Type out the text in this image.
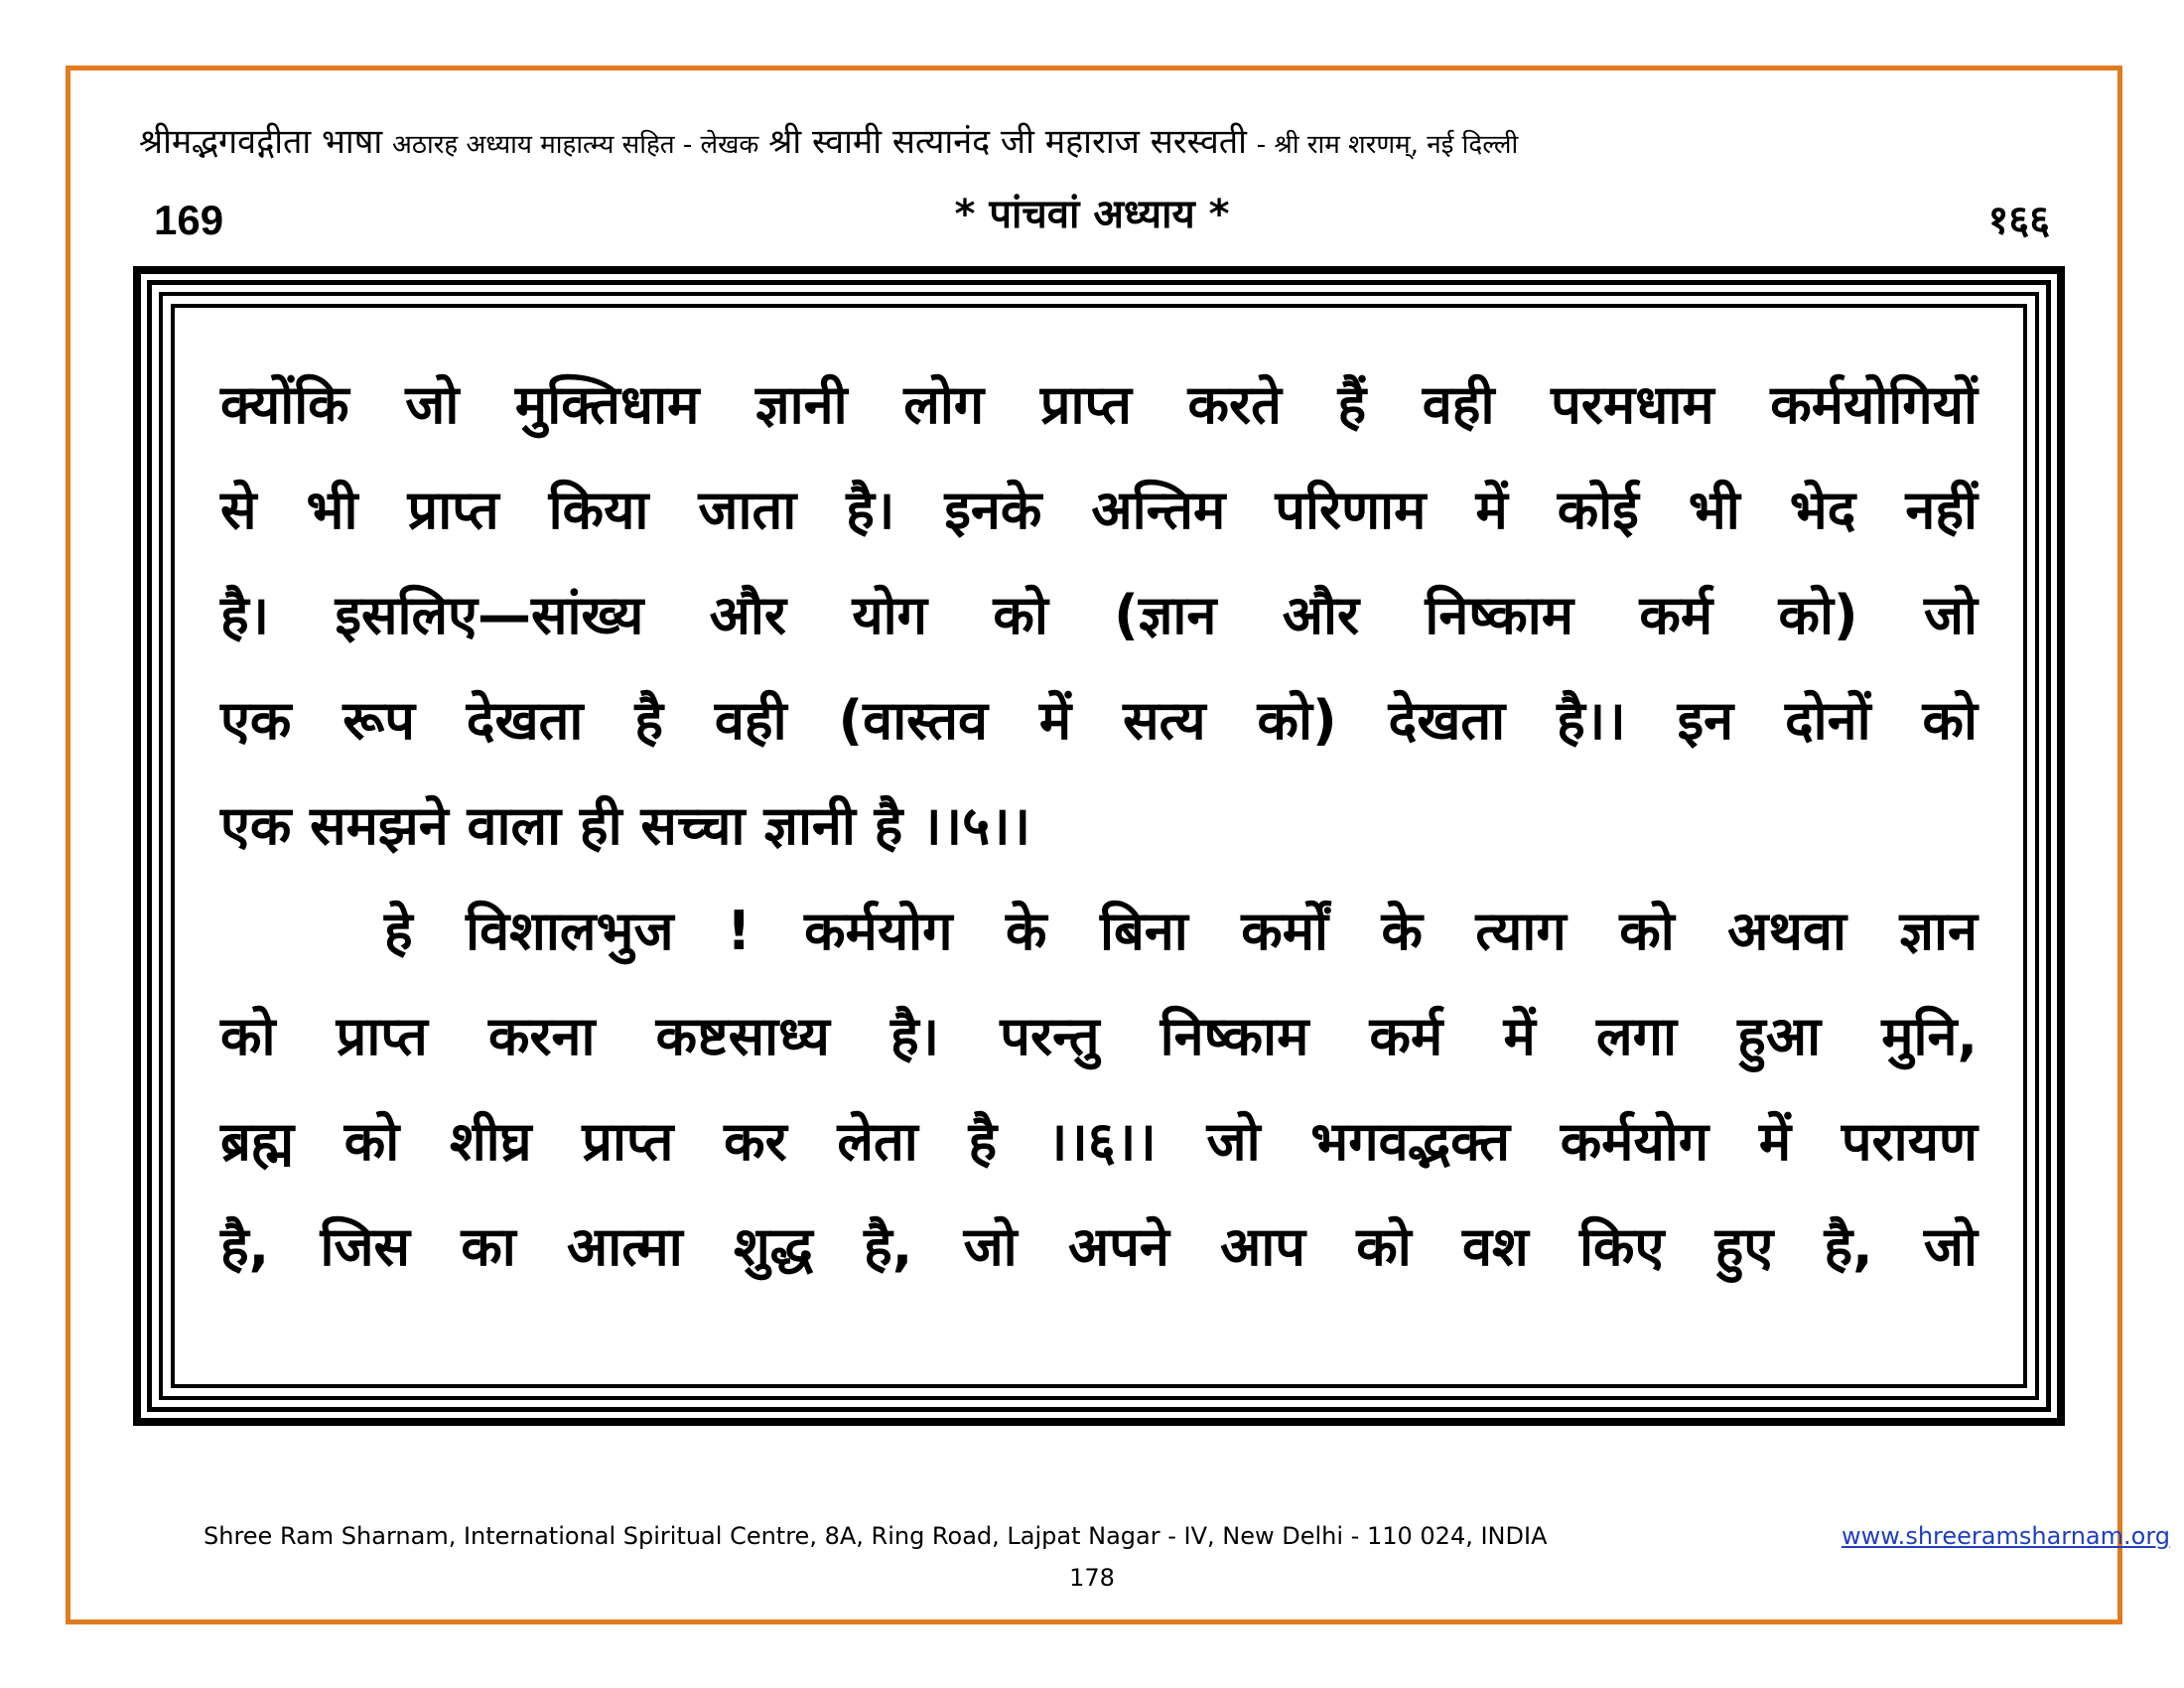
श्रीमद्भगवद्गीता भाषा अठारह अध्याय माहात्म्य सहित - लेखक श्री स्वामी सत्यानंद जी महाराज सरस्वती - श्री राम शरणम्, नई दिल्ली
169	* पांचवां अध्याय *	१६६
क्योंकि जो मुक्तिधाम ज्ञानी लोग प्राप्त करते हैं वही परमधाम कर्मयोगियों
से भी प्राप्त किया जाता है। इनके अन्तिम परिणाम में कोई भी भेद नहीं
है। इसलिए—सांख्य और योग को (ज्ञान और निष्काम कर्म को) जो
एक रूप देखता है वही (वास्तव में सत्य को) देखता है।। इन दोनों को
एक समझने वाला ही सच्चा ज्ञानी है ।।५।।
हे विशालभुज ! कर्मयोग के बिना कर्मों के त्याग को अथवा ज्ञान
को प्राप्त करना कष्टसाध्य है। परन्तु निष्काम कर्म में लगा हुआ मुनि,
ब्रह्म को शीघ्र प्राप्त कर लेता है ।।६।। जो भगवद्भक्त कर्मयोग में परायण
है, जिस का आत्मा शुद्ध है, जो अपने आप को वश किए हुए है, जो
Shree Ram Sharnam, International Spiritual Centre, 8A, Ring Road, Lajpat Nagar - IV, New Delhi - 110 024, INDIA	www.shreeramsharnam.org
178
